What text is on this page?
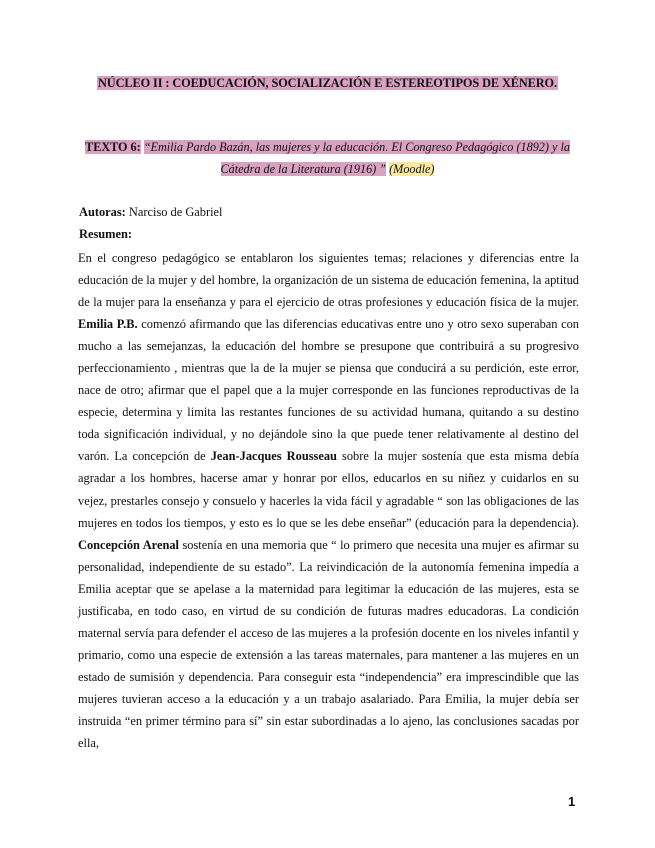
NÚCLEO II : COEDUCACIÓN, SOCIALIZACIÓN E ESTEREOTIPOS DE XÉNERO.
TEXTO 6: “Emilia Pardo Bazán, las mujeres y la educación. El Congreso Pedagógico (1892) y la Cátedra de la Literatura (1916) ” (Moodle)
Autoras: Narciso de Gabriel
Resumen:
En el congreso pedagógico se entablaron los siguientes temas; relaciones y diferencias entre la educación de la mujer y del hombre, la organización de un sistema de educación femenina, la aptitud de la mujer para la enseñanza y para el ejercicio de otras profesiones y educación física de la mujer. Emilia P.B. comenzó afirmando que las diferencias educativas entre uno y otro sexo superaban con mucho a las semejanzas, la educación del hombre se presupone que contribuirá a su progresivo perfeccionamiento , mientras que la de la mujer se piensa que conducirá a su perdición, este error, nace de otro; afirmar que el papel que a la mujer corresponde en las funciones reproductivas de la especie, determina y limita las restantes funciones de su actividad humana, quitando a su destino toda significación individual, y no dejándole sino la que puede tener relativamente al destino del varón. La concepción de Jean-Jacques Rousseau sobre la mujer sostenía que esta misma debía agradar a los hombres, hacerse amar y honrar por ellos, educarlos en su niñez y cuidarlos en su vejez, prestarles consejo y consuelo y hacerles la vida fácil y agradable “ son las obligaciones de las mujeres en todos los tiempos, y esto es lo que se les debe enseñar” (educación para la dependencia). Concepción Arenal sostenía en una memoria que “ lo primero que necesita una mujer es afirmar su personalidad, independiente de su estado”. La reivindicación de la autonomía femenina impedía a Emilia aceptar que se apelase a la maternidad para legitimar la educación de las mujeres, esta se justificaba, en todo caso, en virtud de su condición de futuras madres educadoras. La condición maternal servía para defender el acceso de las mujeres a la profesión docente en los niveles infantil y primario, como una especie de extensión a las tareas maternales, para mantener a las mujeres en un estado de sumisión y dependencia. Para conseguir esta “independencia” era imprescindible que las mujeres tuvieran acceso a la educación y a un trabajo asalariado. Para Emilia, la mujer debía ser instruida “en primer término para sí” sin estar subordinadas a lo ajeno, las conclusiones sacadas por ella,
1
